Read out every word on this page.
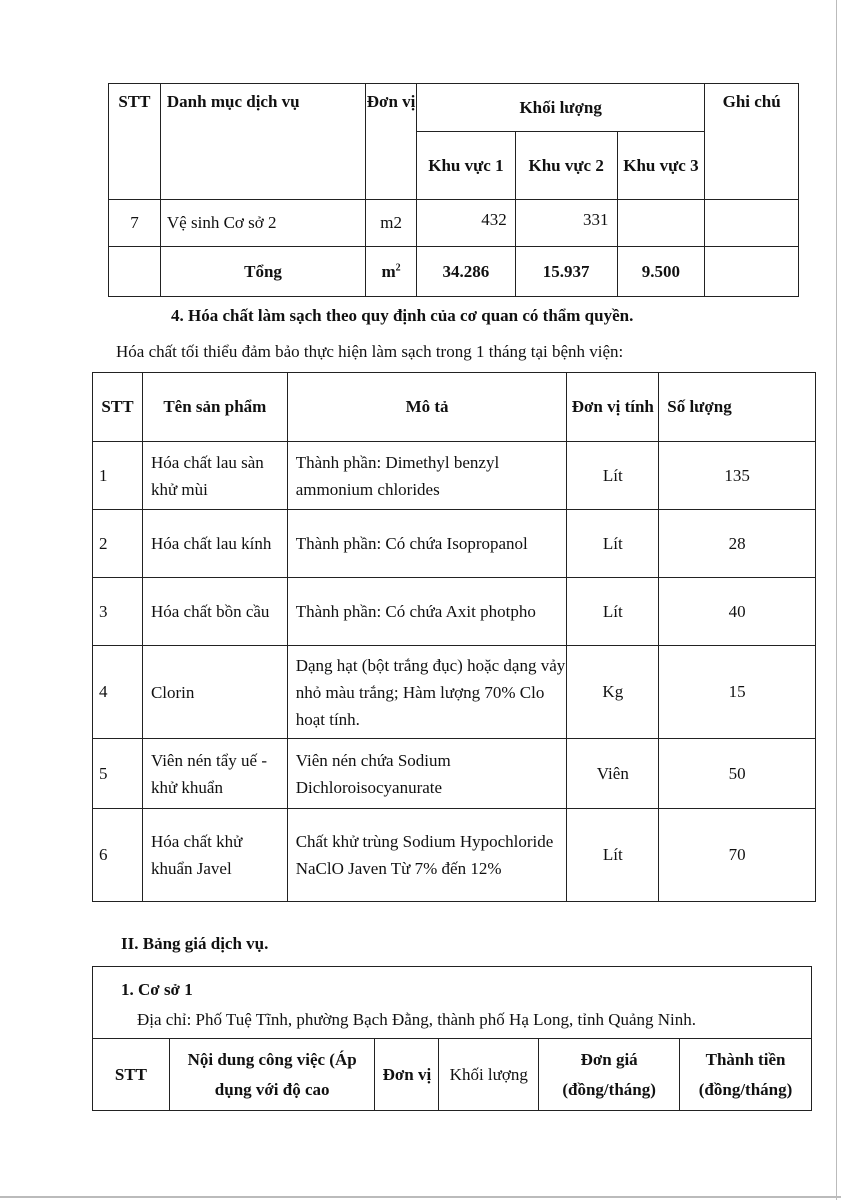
STT	Danh mục dịch vụ	Đơn vị	Khối lượng			Ghi chú
			Khu vực 1	Khu vực 2	Khu vực 3	
7	Vệ sinh Cơ sở 2	m2	432	331		
	Tổng	$m^2$	34.286	15.937	9.500	
4. Hóa chất làm sạch theo quy định của cơ quan có thẩm quyền.
Hóa chất tối thiểu đảm bảo thực hiện làm sạch trong 1 tháng tại bệnh viện:
STT	Tên sản phẩm	Mô tả	Đơn vị tính	Số lượng
1	Hóa chất lau sàn khử mùi	Thành phần: Dimethyl benzyl ammonium chlorides	Lít	135
2	Hóa chất lau kính	Thành phần: Có chứa Isopropanol	Lít	28
3	Hóa chất bồn cầu	Thành phần: Có chứa Axit photpho	Lít	40
4	Clorin	Dạng hạt (bột trắng đục) hoặc dạng vảy nhỏ màu trắng; Hàm lượng 70% Clo hoạt tính.	Kg	15
5	Viên nén tẩy uế - khử khuẩn	Viên nén chứa Sodium Dichloroisocyanurate	Viên	50
6	Hóa chất khử khuẩn Javel	Chất khử trùng Sodium Hypochloride NaClO Javen Từ 7% đến 12%	Lít	70
II. Bảng giá dịch vụ.
1. Cơ sở 1
Địa chỉ: Phố Tuệ Tĩnh, phường Bạch Đằng, thành phố Hạ Long, tỉnh Quảng Ninh.

STT	Nội dung công việc (Áp dụng với độ cao	Đơn vị	Khối lượng	Đơn giá (đồng/tháng)	Thành tiền (đồng/tháng)
